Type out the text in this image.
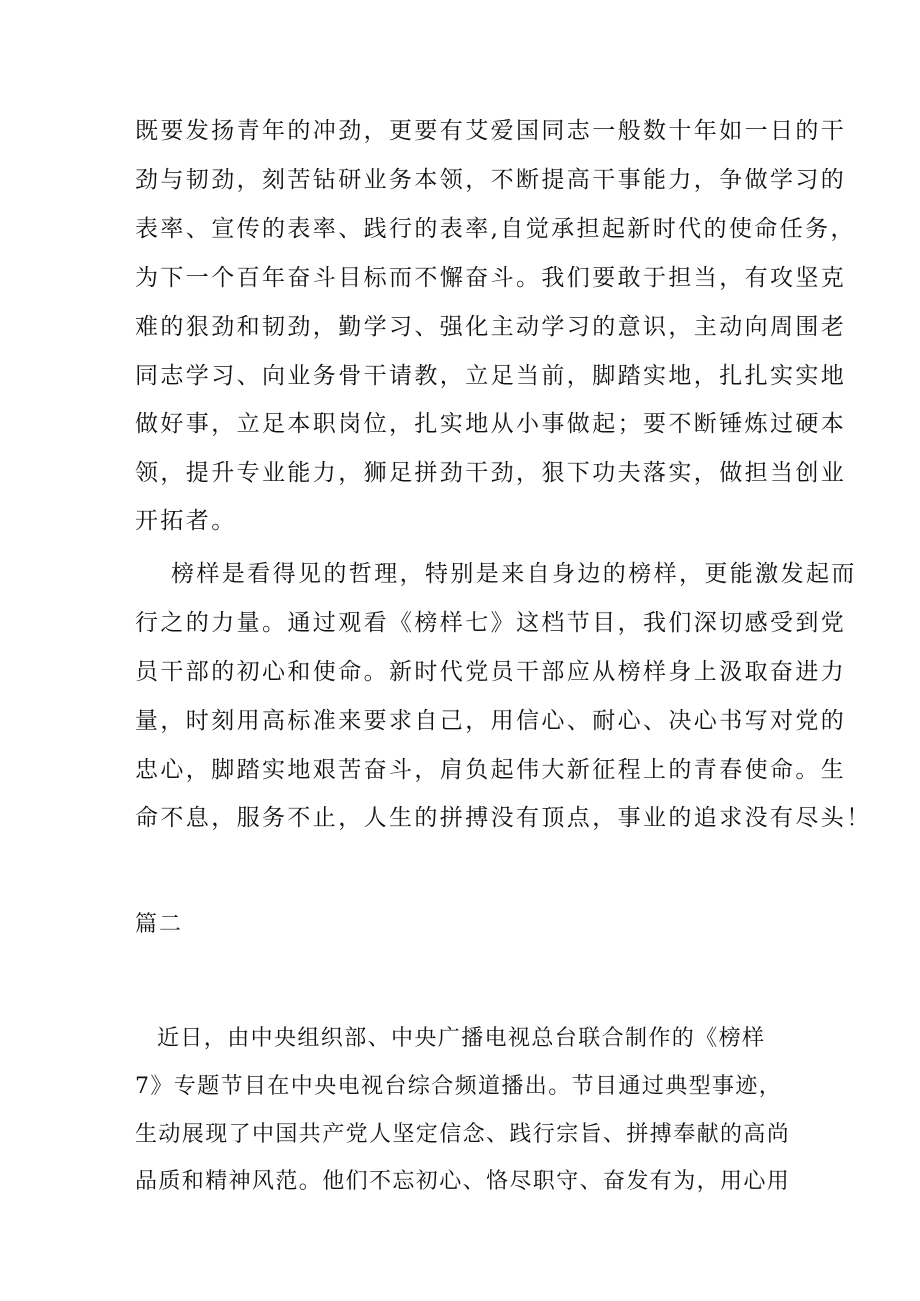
既要发扬青年的冲劲，更要有艾爱国同志一般数十年如一日的干
劲与韧劲，刻苦钻研业务本领，不断提高干事能力，争做学习的
表率、宣传的表率、践行的表率,自觉承担起新时代的使命任务，
为下一个百年奋斗目标而不懈奋斗。我们要敢于担当，有攻坚克
难的狠劲和韧劲，勤学习、强化主动学习的意识，主动向周围老
同志学习、向业务骨干请教，立足当前，脚踏实地，扎扎实实地
做好事，立足本职岗位，扎实地从小事做起；要不断锤炼过硬本
领，提升专业能力，狮足拼劲干劲，狠下功夫落实，做担当创业
开拓者。
榜样是看得见的哲理，特别是来自身边的榜样，更能激发起而
行之的力量。通过观看《榜样七》这档节目，我们深切感受到党
员干部的初心和使命。新时代党员干部应从榜样身上汲取奋进力
量，时刻用高标准来要求自己，用信心、耐心、决心书写对党的
忠心，脚踏实地艰苦奋斗，肩负起伟大新征程上的青春使命。生
命不息，服务不止，人生的拼搏没有顶点，事业的追求没有尽头！
篇二
近日，由中央组织部、中央广播电视总台联合制作的《榜样
7》专题节目在中央电视台综合频道播出。节目通过典型事迹，
生动展现了中国共产党人坚定信念、践行宗旨、拼搏奉献的高尚
品质和精神风范。他们不忘初心、恪尽职守、奋发有为，用心用
